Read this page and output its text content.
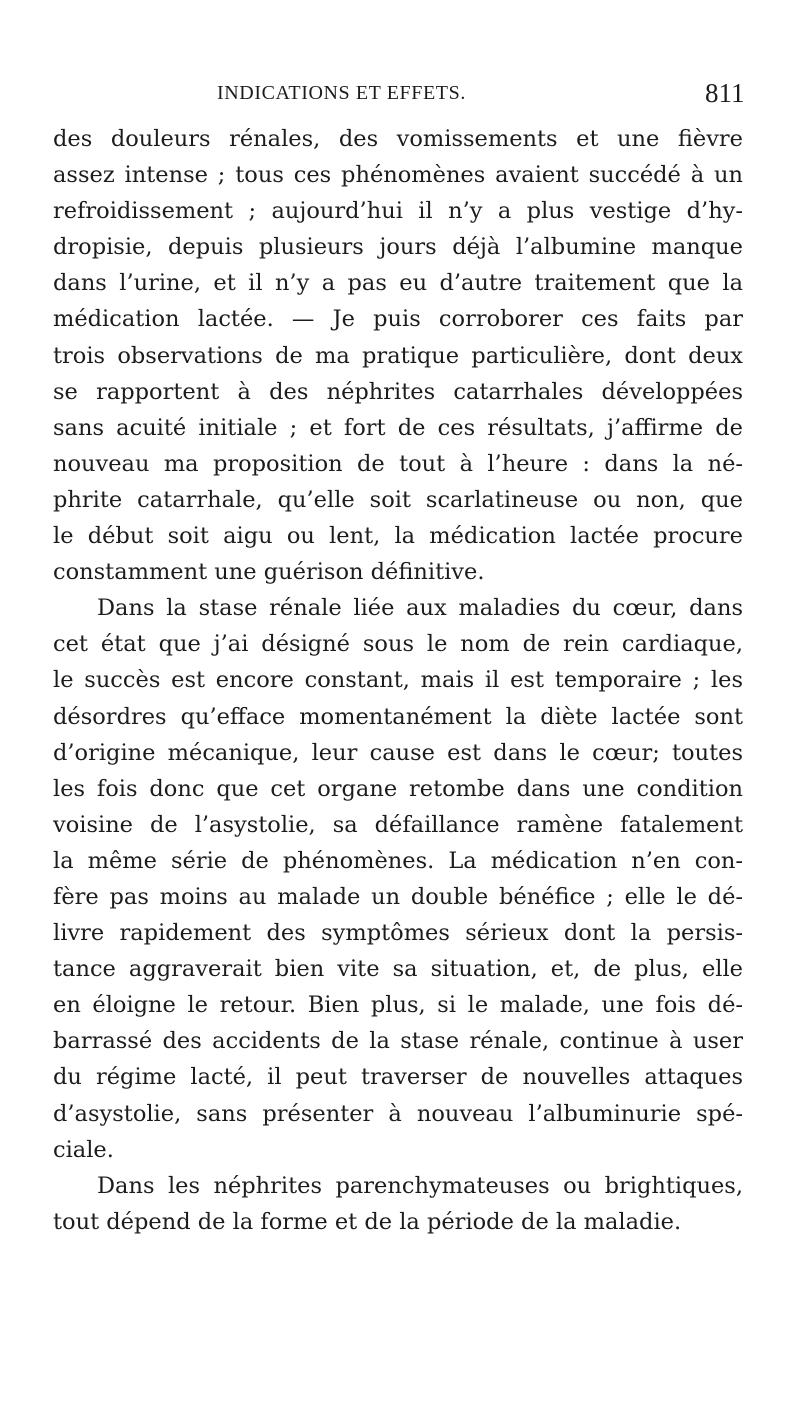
INDICATIONS ET EFFETS.	811
des douleurs rénales, des vomissements et une fièvre
assez intense ; tous ces phénomènes avaient succédé à un
refroidissement ; aujourd’hui il n’y a plus vestige d’hy-
dropisie, depuis plusieurs jours déjà l’albumine manque
dans l’urine, et il n’y a pas eu d’autre traitement que la
médication lactée. — Je puis corroborer ces faits par
trois observations de ma pratique particulière, dont deux
se rapportent à des néphrites catarrhales développées
sans acuité initiale ; et fort de ces résultats, j’affirme de
nouveau ma proposition de tout à l’heure : dans la né-
phrite catarrhale, qu’elle soit scarlatineuse ou non, que
le début soit aigu ou lent, la médication lactée procure
constamment une guérison définitive.
Dans la stase rénale liée aux maladies du cœur, dans
cet état que j’ai désigné sous le nom de rein cardiaque,
le succès est encore constant, mais il est temporaire ; les
désordres qu’efface momentanément la diète lactée sont
d’origine mécanique, leur cause est dans le cœur; toutes
les fois donc que cet organe retombe dans une condition
voisine de l’asystolie, sa défaillance ramène fatalement
la même série de phénomènes. La médication n’en con-
fère pas moins au malade un double bénéfice ; elle le dé-
livre rapidement des symptômes sérieux dont la persis-
tance aggraverait bien vite sa situation, et, de plus, elle
en éloigne le retour. Bien plus, si le malade, une fois dé-
barrassé des accidents de la stase rénale, continue à user
du régime lacté, il peut traverser de nouvelles attaques
d’asystolie, sans présenter à nouveau l’albuminurie spé-
ciale.
Dans les néphrites parenchymateuses ou brightiques,
tout dépend de la forme et de la période de la maladie.
